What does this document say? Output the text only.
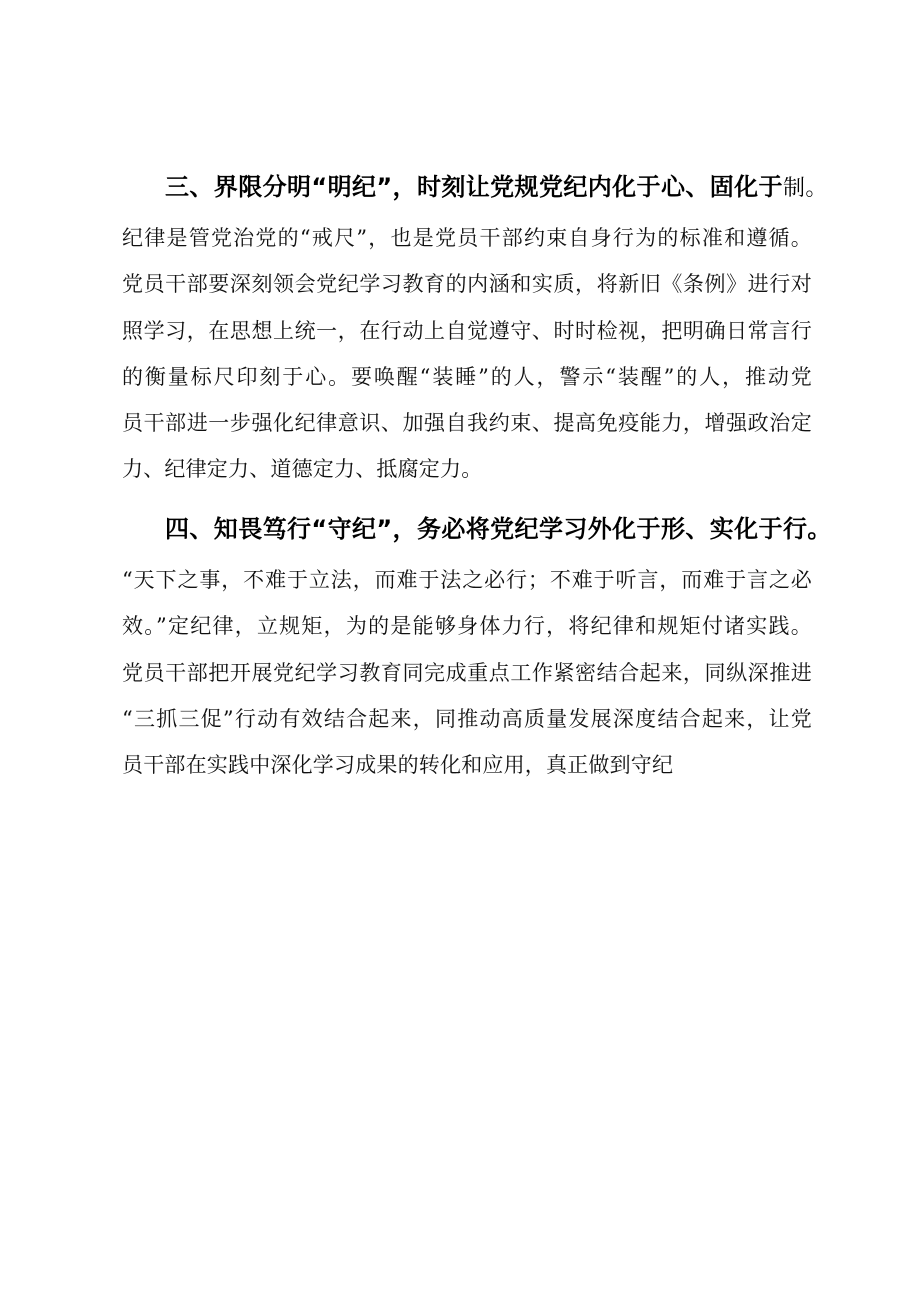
三、界限分明“明纪”，时刻让党规党纪内化于心、固化于制。
纪律是管党治党的“戒尺”，也是党员干部约束自身行为的标准和遵循。
党员干部要深刻领会党纪学习教育的内涵和实质，将新旧《条例》进行对
照学习，在思想上统一，在行动上自觉遵守、时时检视，把明确日常言行
的衡量标尺印刻于心。要唤醒“装睡”的人，警示“装醒”的人，推动党
员干部进一步强化纪律意识、加强自我约束、提高免疫能力，增强政治定
力、纪律定力、道德定力、抵腐定力。
四、知畏笃行“守纪”，务必将党纪学习外化于形、实化于行。
“天下之事，不难于立法，而难于法之必行；不难于听言，而难于言之必
效。”定纪律，立规矩，为的是能够身体力行，将纪律和规矩付诸实践。
党员干部把开展党纪学习教育同完成重点工作紧密结合起来，同纵深推进
“三抓三促”行动有效结合起来，同推动高质量发展深度结合起来，让党
员干部在实践中深化学习成果的转化和应用，真正做到守纪
